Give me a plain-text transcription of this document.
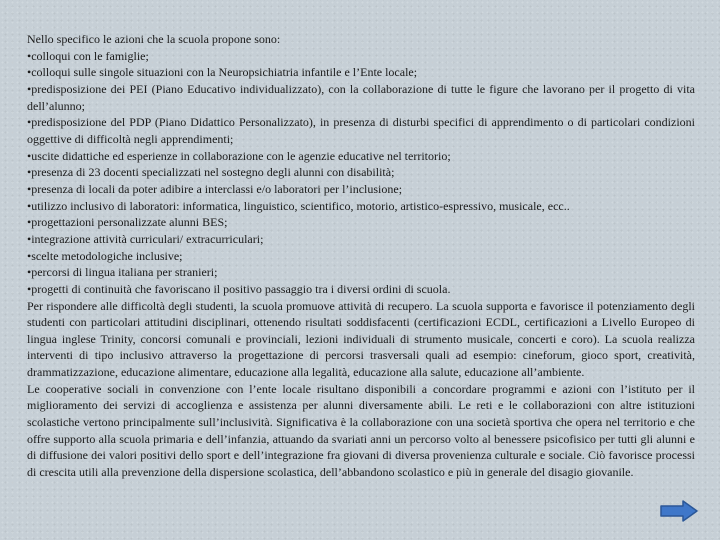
Nello specifico le azioni che la scuola propone sono:

•colloqui con le famiglie;

•colloqui sulle singole situazioni con la Neuropsichiatria infantile e l’Ente locale;

•predisposizione dei PEI (Piano Educativo individualizzato), con la collaborazione di tutte le figure che lavorano per il progetto di vita dell’alunno;

•predisposizione del PDP (Piano Didattico Personalizzato), in presenza di disturbi specifici di apprendimento o di particolari condizioni oggettive di difficoltà negli apprendimenti;

•uscite didattiche ed esperienze in collaborazione con le agenzie educative nel territorio;

•presenza di 23 docenti specializzati nel sostegno degli alunni con disabilità;

•presenza di locali da poter adibire a interclassi e/o laboratori per l’inclusione;

•utilizzo inclusivo di laboratori: informatica, linguistico, scientifico, motorio, artistico-espressivo, musicale, ecc..

•progettazioni personalizzate alunni BES;

•integrazione attività curriculari/ extracurriculari;

•scelte metodologiche inclusive;

•percorsi di lingua italiana per stranieri;

•progetti di continuità che favoriscano il positivo passaggio tra i diversi ordini di scuola.

Per rispondere alle difficoltà degli studenti, la scuola promuove attività di recupero. La scuola supporta e favorisce il potenziamento degli studenti con particolari attitudini disciplinari, ottenendo risultati soddisfacenti (certificazioni ECDL, certificazioni a Livello Europeo di lingua inglese Trinity, concorsi comunali e provinciali, lezioni individuali di strumento musicale, concerti e coro). La scuola realizza interventi di tipo inclusivo attraverso la progettazione di percorsi trasversali quali ad esempio: cineforum, gioco sport, creatività, drammatizzazione, educazione alimentare, educazione alla legalità, educazione alla salute, educazione all’ambiente.

Le cooperative sociali in convenzione con l’ente locale risultano disponibili a concordare programmi e azioni con l’istituto per il miglioramento dei servizi di accoglienza e assistenza per alunni diversamente abili. Le reti e le collaborazioni con altre istituzioni scolastiche vertono principalmente sull’inclusività. Significativa è la collaborazione con una società sportiva che opera nel territorio e che offre supporto alla scuola primaria e dell’infanzia, attuando da svariati anni un percorso volto al benessere psicofisico per tutti gli alunni e di diffusione dei valori positivi dello sport e dell’integrazione fra giovani di diversa provenienza culturale e sociale. Ciò favorisce processi di crescita utili alla prevenzione della dispersione scolastica, dell’abbandono scolastico e più in generale del disagio giovanile.
